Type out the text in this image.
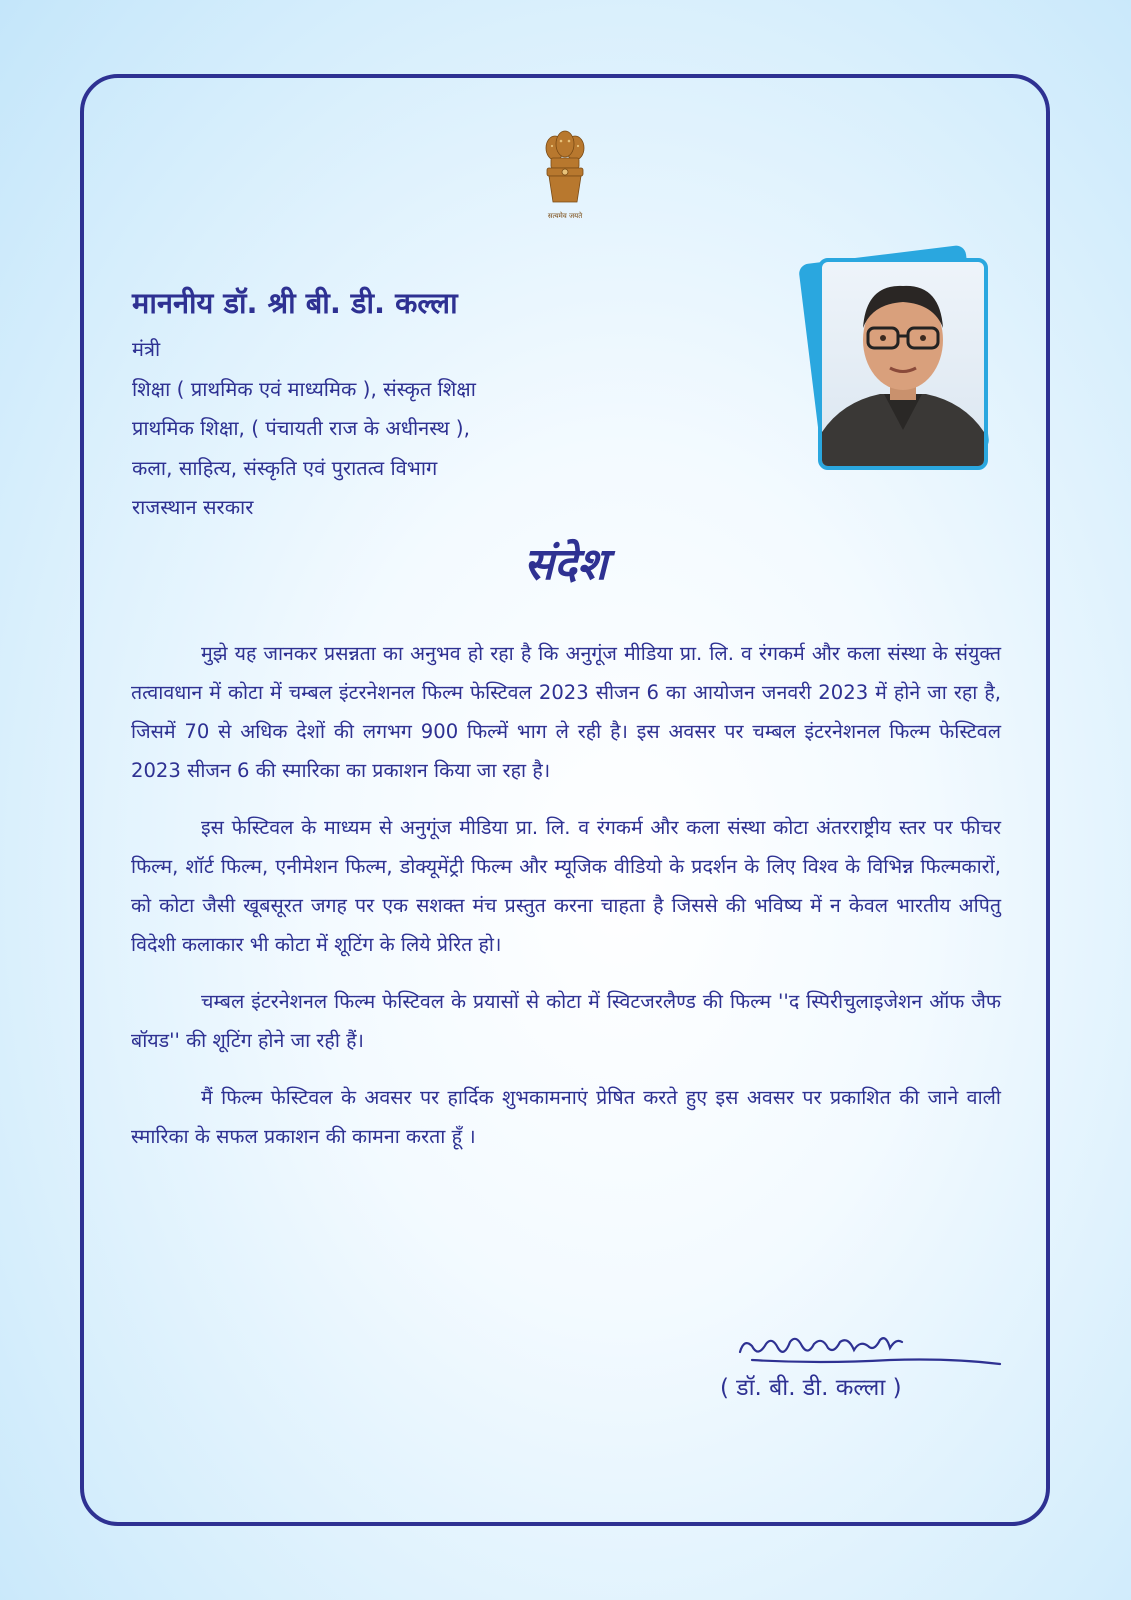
सत्यमेव जयते
माननीय डॉ. श्री बी. डी. कल्ला
मंत्री
शिक्षा ( प्राथमिक एवं माध्यमिक ), संस्कृत शिक्षा
प्राथमिक शिक्षा, ( पंचायती राज के अधीनस्थ ),
कला, साहित्य, संस्कृति एवं पुरातत्व विभाग
राजस्थान सरकार
संदेश

मुझे यह जानकर प्रसन्नता का अनुभव हो रहा है कि अनुगूंज मीडिया प्रा. लि. व रंगकर्म और कला संस्था के संयुक्त तत्वावधान में कोटा में चम्बल इंटरनेशनल फिल्म फेस्टिवल 2023 सीजन 6 का आयोजन जनवरी 2023 में होने जा रहा है, जिसमें 70 से अधिक देशों की लगभग 900 फिल्में भाग ले रही है। इस अवसर पर चम्बल इंटरनेशनल फिल्म फेस्टिवल 2023 सीजन 6 की स्मारिका का प्रकाशन किया जा रहा है।

इस फेस्टिवल के माध्यम से अनुगूंज मीडिया प्रा. लि. व रंगकर्म और कला संस्था कोटा अंतरराष्ट्रीय स्तर पर फीचर फिल्म, शॉर्ट फिल्म, एनीमेशन फिल्म, डोक्यूमेंट्री फिल्म और म्यूजिक वीडियो के प्रदर्शन के लिए विश्व के विभिन्न फिल्मकारों, को कोटा जैसी खूबसूरत जगह पर एक सशक्त मंच प्रस्तुत करना चाहता है जिससे की भविष्य में न केवल भारतीय अपितु विदेशी कलाकार भी कोटा में शूटिंग के लिये प्रेरित हो।

चम्बल इंटरनेशनल फिल्म फेस्टिवल के प्रयासों से कोटा में स्विटजरलैण्ड की फिल्म ''द स्पिरीचुलाइजेशन ऑफ जैफ बॉयड'' की शूटिंग होने जा रही हैं।

मैं फिल्म फेस्टिवल के अवसर पर हार्दिक शुभकामनाएं प्रेषित करते हुए इस अवसर पर प्रकाशित की जाने वाली स्मारिका के सफल प्रकाशन की कामना करता हूँ ।

( डॉ. बी. डी. कल्ला )
